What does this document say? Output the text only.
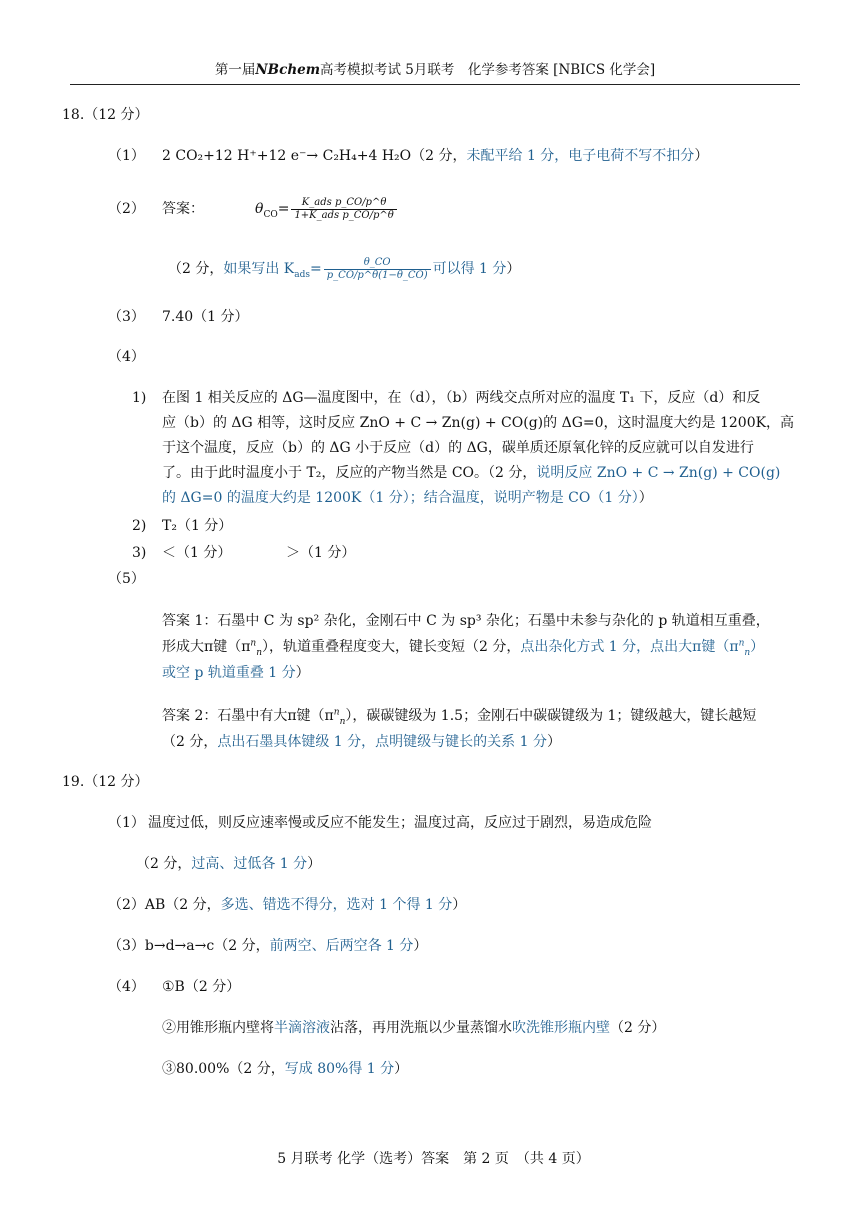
第一届NBchem高考模拟考试 5月联考　化学参考答案 [NBICS 化学会]
18.（12 分）
（1） 2 CO₂+12 H⁺+12 e⁻→ C₂H₄+4 H₂O（2 分，未配平给 1 分，电子电荷不写不扣分）
（2） 答案：	$\theta_{CO}= \frac{\text{K\_ads p\_CO/p\textasciicircum{}θ}}{\text{1+K\_ads p\_CO/p\textasciicircum{}θ}}$
（2 分，如果写出 $K_{ads}= \frac{\theta\_CO}{p\_CO/p\^{}\theta(1-\theta\_CO)}$ 可以得 1 分）
（3） 7.40（1 分）
（4）
1) 在图 1 相关反应的 ΔG—温度图中，在（d），（b）两线交点所对应的温度 T₁ 下，反应（d）和反
应（b）的 ΔG 相等，这时反应 ZnO + C → Zn(g) + CO(g)的 ΔG=0，这时温度大约是 1200K，高
于这个温度，反应（b）的 ΔG 小于反应（d）的 ΔG，碳单质还原氧化锌的反应就可以自发进行
了。由于此时温度小于 T₂，反应的产物当然是 CO。（2 分，说明反应 ZnO + C → Zn(g) + CO(g)
的 ΔG=0 的温度大约是 1200K（1 分）；结合温度，说明产物是 CO（1 分））
2) T₂（1 分）
3) ＜（1 分）	＞（1 分）
（5）
答案 1：石墨中 C 为 sp² 杂化，金刚石中 C 为 sp³ 杂化；石墨中未参与杂化的 p 轨道相互重叠，
形成大π键$(\pi^n_n)$，轨道重叠程度变大，键长变短（2 分，点出杂化方式 1 分，点出大π键$(\pi^n_n)$
或空 p 轨道重叠 1 分）
答案 2：石墨中有大π键$(\pi^n_n)$，碳碳键级为 1.5；金刚石中碳碳键级为 1；键级越大，键长越短
（2 分，点出石墨具体键级 1 分，点明键级与键长的关系 1 分）
19.（12 分）
（1） 温度过低，则反应速率慢或反应不能发生；温度过高，反应过于剧烈，易造成危险
（2 分，过高、过低各 1 分）
（2）AB（2 分，多选、错选不得分，选对 1 个得 1 分）
（3）b→d→a→c（2 分，前两空、后两空各 1 分）
（4） ①B（2 分）
②用锥形瓶内壁将半滴溶液沾落，再用洗瓶以少量蒸馏水吹洗锥形瓶内壁（2 分）
③80.00%（2 分，写成 80%得 1 分）
5 月联考 化学（选考）答案　第 2 页　（共 4 页）
